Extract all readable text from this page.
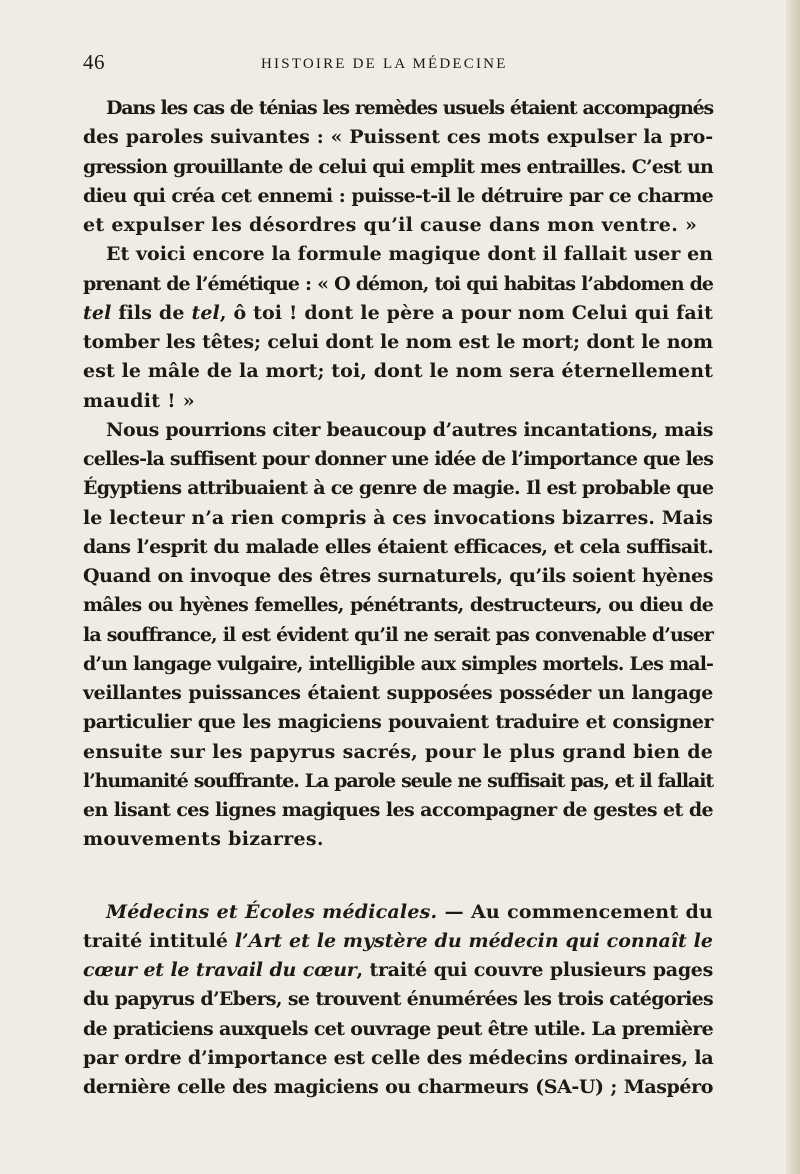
46	HISTOIRE DE LA MÉDECINE
Dans les cas de ténias les remèdes usuels étaient accompagnés
des paroles suivantes : « Puissent ces mots expulser la pro-
gression grouillante de celui qui emplit mes entrailles. C’est un
dieu qui créa cet ennemi : puisse-t-il le détruire par ce charme
et expulser les désordres qu’il cause dans mon ventre. »
Et voici encore la formule magique dont il fallait user en
prenant de l’émétique : « O démon, toi qui habitas l’abdomen de
tel fils de tel, ô toi ! dont le père a pour nom Celui qui fait
tomber les têtes; celui dont le nom est le mort; dont le nom
est le mâle de la mort; toi, dont le nom sera éternellement
maudit ! »
Nous pourrions citer beaucoup d’autres incantations, mais
celles-la suffisent pour donner une idée de l’importance que les
Égyptiens attribuaient à ce genre de magie. Il est probable que
le lecteur n’a rien compris à ces invocations bizarres. Mais
dans l’esprit du malade elles étaient efficaces, et cela suffisait.
Quand on invoque des êtres surnaturels, qu’ils soient hyènes
mâles ou hyènes femelles, pénétrants, destructeurs, ou dieu de
la souffrance, il est évident qu’il ne serait pas convenable d’user
d’un langage vulgaire, intelligible aux simples mortels. Les mal-
veillantes puissances étaient supposées posséder un langage
particulier que les magiciens pouvaient traduire et consigner
ensuite sur les papyrus sacrés, pour le plus grand bien de
l’humanité souffrante. La parole seule ne suffisait pas, et il fallait
en lisant ces lignes magiques les accompagner de gestes et de
mouvements bizarres.
Médecins et Écoles médicales. — Au commencement du
traité intitulé l’Art et le mystère du médecin qui connaît le
cœur et le travail du cœur, traité qui couvre plusieurs pages
du papyrus d’Ebers, se trouvent énumérées les trois catégories
de praticiens auxquels cet ouvrage peut être utile. La première
par ordre d’importance est celle des médecins ordinaires, la
dernière celle des magiciens ou charmeurs (SA-U) ; Maspéro
